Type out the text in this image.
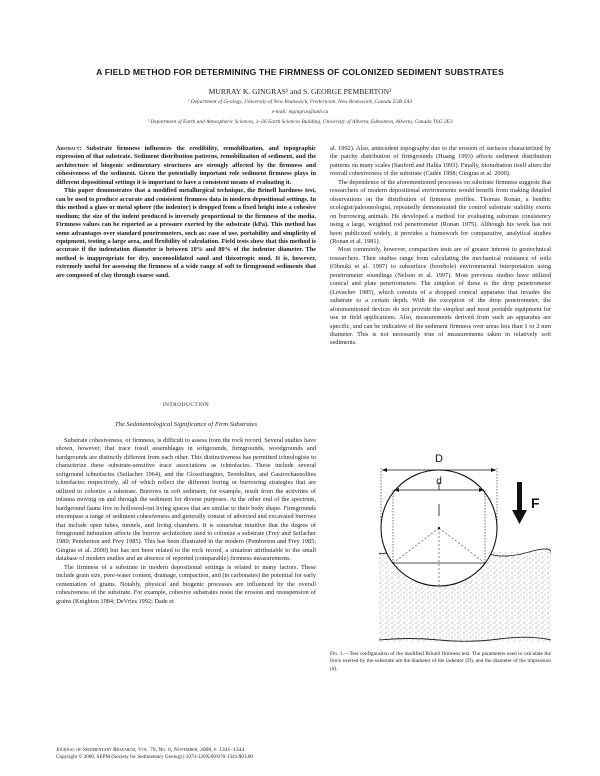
A FIELD METHOD FOR DETERMINING THE FIRMNESS OF COLONIZED SEDIMENT SUBSTRATES
MURRAY K. GINGRAS¹ and S. GEORGE PEMBERTON²
¹ Department of Geology, University of New Brunswick, Fredericton, New Brunswick, Canada E3B 5A3
e-mail: mgingras@unb.ca
² Department of Earth and Atmospheric Sciences, 1–26 Earth Sciences Building, University of Alberta, Edmonton, Alberta, Canada T6G 2E3

Abstract: Substrate firmness influences the erodibility, remobilization, and topographic expression of that substrate. Sediment distribution patterns, remobilization of sediment, and the architecture of biogenic sedimentary structures are strongly affected by the firmness and cohesiveness of the sediment. Given the potentially important role sediment firmness plays in different depositional settings it is important to have a consistent means of evaluating it.

This paper demonstrates that a modified metallurgical technique, the Brinell hardness test, can be used to produce accurate and consistent firmness data in modern depositional settings. In this method a glass or metal sphere (the indentor) is dropped from a fixed height into a cohesive medium; the size of the indent produced is inversely proportional to the firmness of the media. Firmness values can be reported as a pressure exerted by the substrate (kPa). This method has some advantages over standard penetrometers, such as: ease of use, portability and simplicity of equipment, testing a large area, and flexibility of calculation. Field tests show that this method is accurate if the indentation diameter is between 10% and 80% of the indentor diameter. The method is inappropriate for dry, unconsolidated sand and thixotropic mud. It is, however, extremely useful for assessing the firmness of a wide range of soft to firmground sediments that are composed of clay through coarse sand.

INTRODUCTION
The Sedimentological Significance of Firm Substrates

Substrate cohesiveness, or firmness, is difficult to assess from the rock record. Several studies have shown, however, that trace fossil assemblages in softgrounds, firmgrounds, woodgrounds and hardgrounds are distinctly different from each other. This distinctiveness has permitted ichnologists to characterize these substrate-sensitive trace associations as ichnofacies. These include several softground ichnofacies (Seilacher 1964), and the Glossifungites, Teredolites, and Gastrochaenolites ichnofacies respectively, all of which reflect the different boring or burrowing strategies that are utilized to colonize a substrate. Burrows in soft sediment, for example, result from the activities of infauna moving on and through the sediment for diverse purposes. At the other end of the spectrum, hardground fauna live in hollowed-out living spaces that are similar to their body shape. Firmgrounds encompass a range of sediment cohesiveness and generally consist of advected and excavated burrows that include open tubes, tunnels, and living chambers. It is somewhat intuitive that the degree of firmground induration affects the burrow architecture used to colonize a substrate (Frey and Seilacher 1980; Pemberton and Frey 1985). This has been illustrated in the modern (Pemberton and Frey 1985; Gingras et al. 2000) but has not been related to the rock record, a situation attributable to the small database of modern studies and an absence of reported (comparable) firmness measurements.

The firmness of a substrate in modern depositional settings is related to many factors. These include grain size, pore-water content, drainage, compaction, and (in carbonates) the potential for early cementation of grains. Notably, physical and biogenic processes are influenced by the overall cohesiveness of the substrate. For example, cohesive substrates resist the erosion and resuspension of grains (Knighton 1984; DeVries 1992; Dade et

al. 1992). Also, antecedent topography due to the erosion of surfaces characterized by the patchy distribution of firmgrounds (Huang 1993) affects sediment distribution patterns on many scales (Sanford and Halka 1993). Finally, bioturbation itself alters the overall cohesiveness of the substrate (Cadée 1998; Gingras et al. 2000).

The dependence of the aforementioned processes on substrate firmness suggests that researchers of modern depositional environments would benefit from making detailed observations on the distribution of firmness profiles. Thomas Ronan, a benthic ecologist/paleontologist, repeatedly demonstrated the control substrate stability exerts on burrowing animals. He developed a method for evaluating substrate consistency using a large, weighted rod penetrometer (Ronan 1975). Although his work has not been publicized widely, it provides a framework for comparative, analytical studies (Ronan et al. 1981).

Most commonly, however, compaction tests are of greater interest to geotechnical researchers. Their studies range from calculating the mechanical resistance of soils (Ohnuki et al. 1997) to subsurface (borehole) environmental interpretation using penetrometer soundings (Nelson et al. 1997). Most previous studies have utilized conical and plate penetrometers. The simplest of these is the drop penetrometer (Levacher 1985), which consists of a dropped conical apparatus that invades the substrate to a certain depth. With the exception of the drop penetrometer, the aforementioned devices do not provide the simplest and most portable equipment for use in field applications. Also, measurements derived from such an apparatus are specific, and can be indicative of the sediment firmness over areas less than 1 or 2 mm diameter. This is not necessarily true of measurements taken in relatively soft sediments.

D
d
F
Fig. 1.—Test configuration of the modified Brinell firmness test. The parameters used to calculate the force exerted by the substrate are the diameter of the indentor (D), and the diameter of the impression (d).
Journal of Sedimentary Research, Vol. 70, No. 6, November, 2000, p. 1341–1344
Copyright © 2000, SEPM (Society for Sedimentary Geology) 1073-130X/00/070-1341/$03.00
